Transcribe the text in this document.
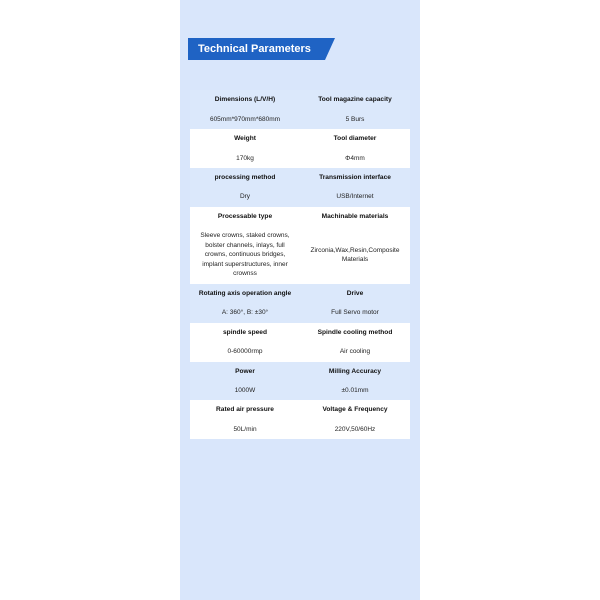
Technical Parameters
Dimensions (L/V/H)	Tool magazine capacity
605mm*970mm*680mm	5 Burs
Weight	Tool diameter
170kg	Φ4mm
processing method	Transmission interface
Dry	USB/Internet
Processable type	Machinable materials
Sleeve crowns, staked crowns, bolster channels, inlays, full crowns, continuous bridges, implant superstructures, inner crownss	Zirconia,Wax,Resin,Composite Materials
Rotating axis operation angle	Drive
A: 360°, B: ±30°	Full Servo motor
spindle speed	Spindle cooling method
0-60000rmp	Air cooling
Power	Milling Accuracy
1000W	±0.01mm
Rated air pressure	Voltage & Frequency
50L/min	220V,50/60Hz
